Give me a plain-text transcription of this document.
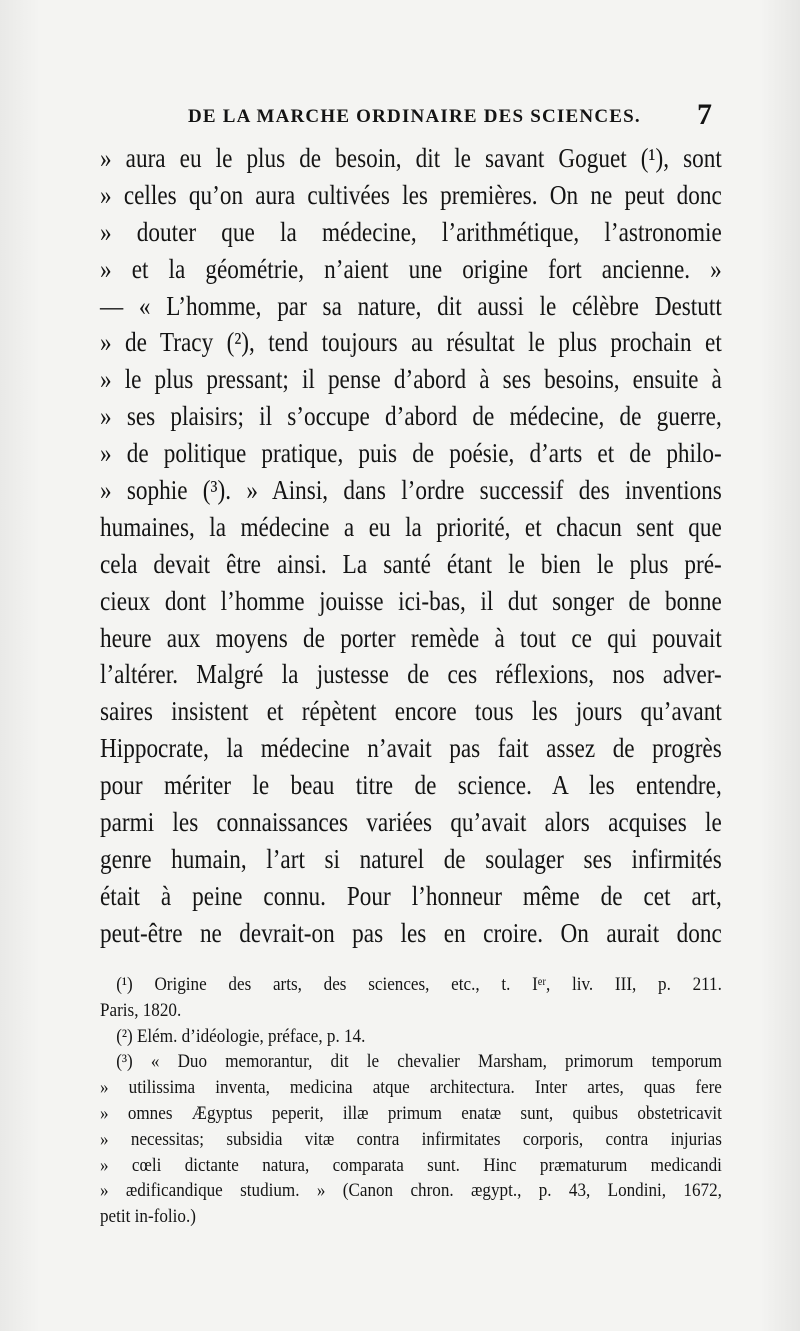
DE LA MARCHE ORDINAIRE DES SCIENCES. 7
» aura eu le plus de besoin, dit le savant Goguet (¹), sont
» celles qu’on aura cultivées les premières. On ne peut donc
» douter que la médecine, l’arithmétique, l’astronomie
» et la géométrie, n’aient une origine fort ancienne. »
— « L’homme, par sa nature, dit aussi le célèbre Destutt
» de Tracy (²), tend toujours au résultat le plus prochain et
» le plus pressant; il pense d’abord à ses besoins, ensuite à
» ses plaisirs; il s’occupe d’abord de médecine, de guerre,
» de politique pratique, puis de poésie, d’arts et de philo-
» sophie (³). » Ainsi, dans l’ordre successif des inventions
humaines, la médecine a eu la priorité, et chacun sent que
cela devait être ainsi. La santé étant le bien le plus pré-
cieux dont l’homme jouisse ici-bas, il dut songer de bonne
heure aux moyens de porter remède à tout ce qui pouvait
l’altérer. Malgré la justesse de ces réflexions, nos adver-
saires insistent et répètent encore tous les jours qu’avant
Hippocrate, la médecine n’avait pas fait assez de progrès
pour mériter le beau titre de science. A les entendre,
parmi les connaissances variées qu’avait alors acquises le
genre humain, l’art si naturel de soulager ses infirmités
était à peine connu. Pour l’honneur même de cet art,
peut-être ne devrait-on pas les en croire. On aurait donc
(¹) Origine des arts, des sciences, etc., t. Iᵉʳ, liv. III, p. 211.
Paris, 1820.
(²) Elém. d’idéologie, préface, p. 14.
(³) « Duo memorantur, dit le chevalier Marsham, primorum temporum
» utilissima inventa, medicina atque architectura. Inter artes, quas fere
» omnes Ægyptus peperit, illæ primum enatæ sunt, quibus obstetricavit
» necessitas; subsidia vitæ contra infirmitates corporis, contra injurias
» cœli dictante natura, comparata sunt. Hinc præmaturum medicandi
» ædificandique studium. » (Canon chron. ægypt., p. 43, Londini, 1672,
petit in-folio.)
